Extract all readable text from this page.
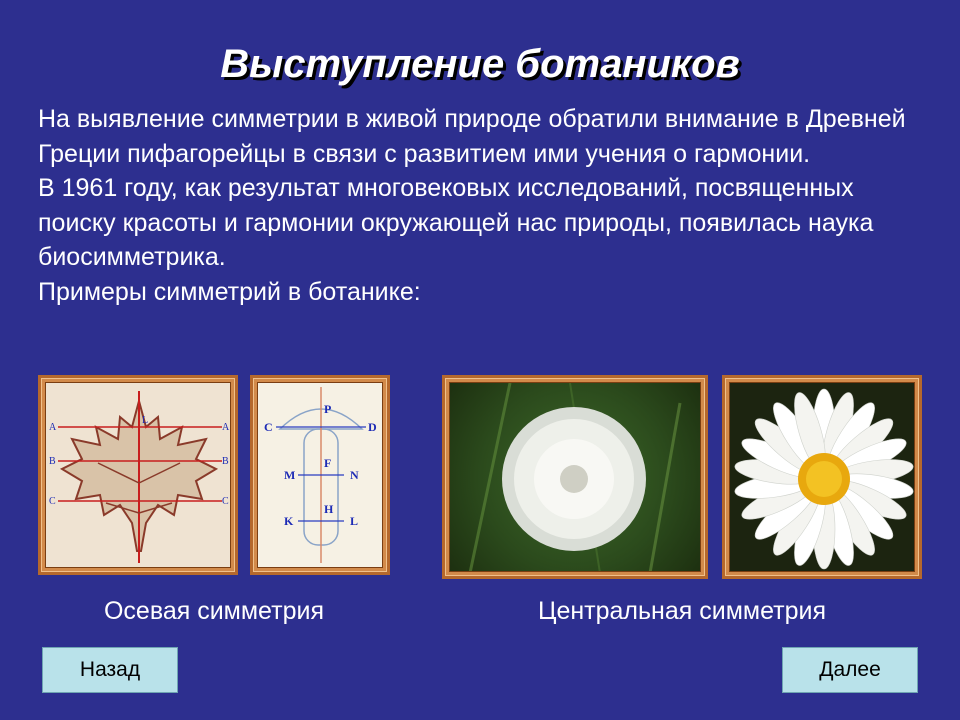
Выступление ботаников

На выявление симметрии в живой природе обратили внимание в Древней Греции пифагорейцы в связи с развитием ими учения о гармонии.

В 1961 году, как результат многовековых исследований, посвященных поиску красоты и гармонии окружающей нас природы, появилась наука биосимметрика.

Примеры симметрий в ботанике:

A	A
L
B	B
C	C
C
P
D
M
F
N
H
K	L
Осевая симметрия	Центральная симметрия
Назад	Далее
